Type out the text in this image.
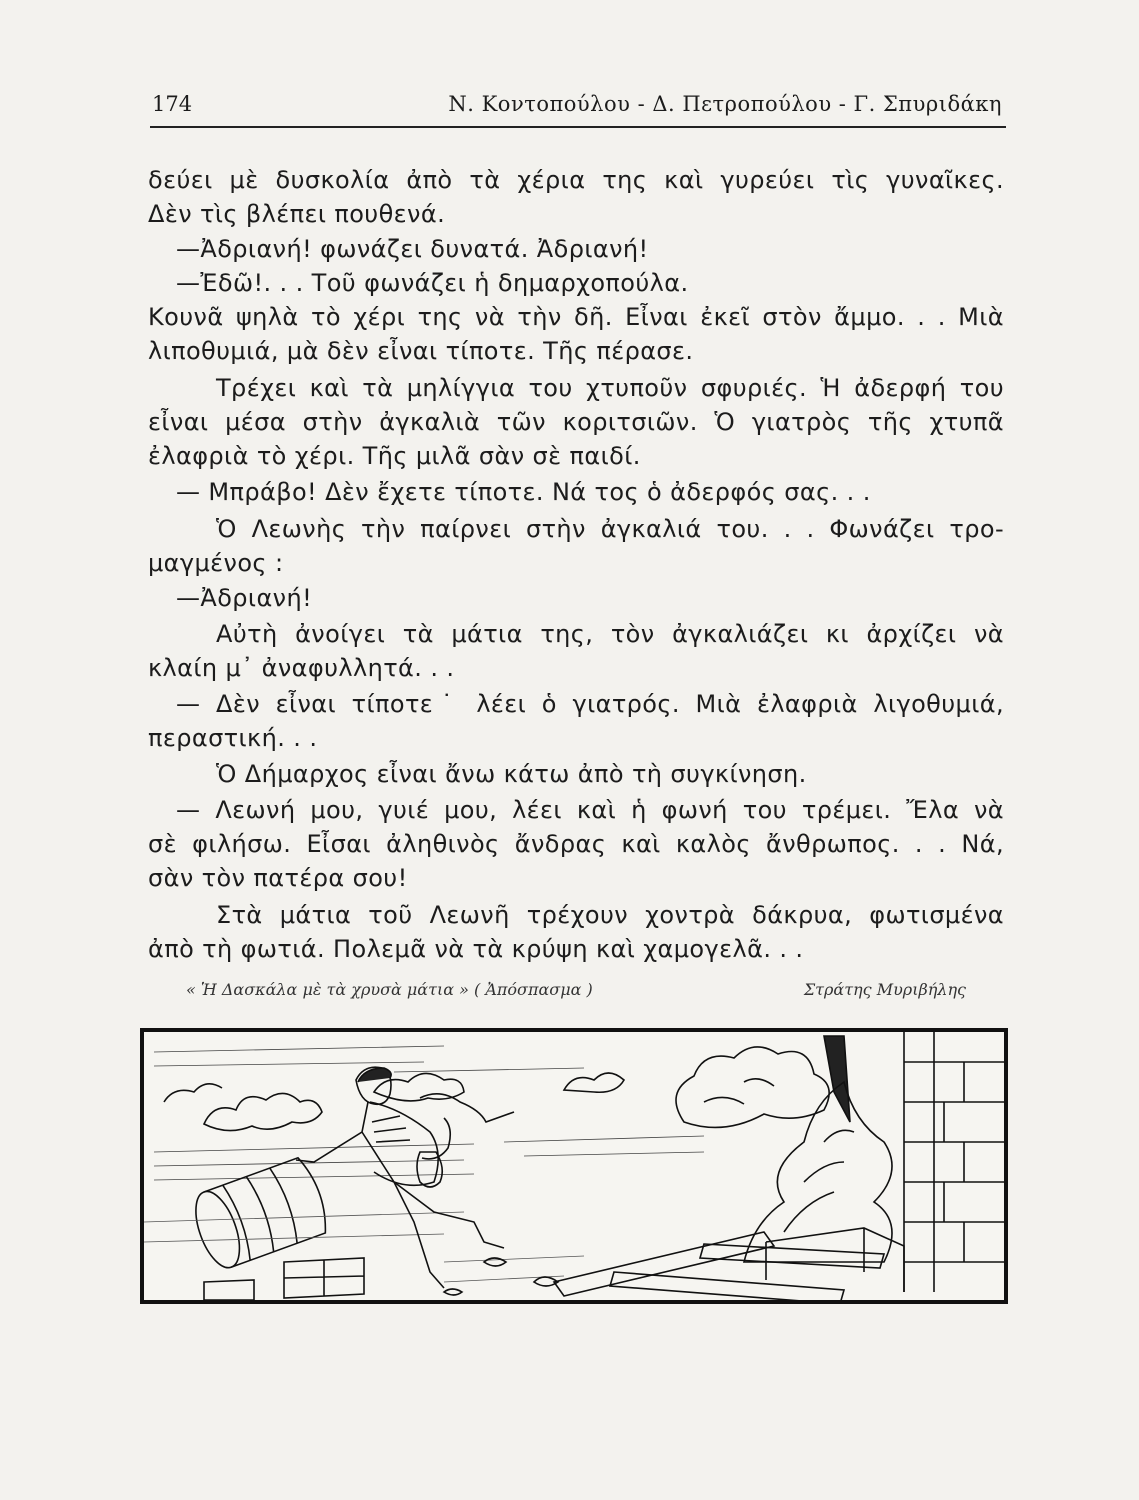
174	Ν. Κοντοπούλου - Δ. Πετροπούλου - Γ. Σπυριδάκη
δεύει μὲ δυσκολία ἀπὸ τὰ χέρια της καὶ γυρεύει τὶς γυναῖκες.
Δὲν τὶς βλέπει πουθενά.
—Ἀδριανή! φωνάζει δυνατά. Ἀδριανή!
—Ἐδῶ!. . . Τοῦ φωνάζει ἡ δημαρχοπούλα.
Κουνᾶ ψηλὰ τὸ χέρι της νὰ τὴν δῆ. Εἶναι ἐκεῖ στὸν ἄμμο. . . Μιὰ
λιποθυμιά, μὰ δὲν εἶναι τίποτε. Τῆς πέρασε.
Τρέχει καὶ τὰ μηλίγγια του χτυποῦν σφυριές. Ἡ ἀδερφή του
εἶναι μέσα στὴν ἀγκαλιὰ τῶν κοριτσιῶν. Ὁ γιατρὸς τῆς χτυπᾶ
ἐλαφριὰ τὸ χέρι. Τῆς μιλᾶ σὰν σὲ παιδί.
— Μπράβο! Δὲν ἔχετε τίποτε. Νά τος ὁ ἀδερφός σας. . .
Ὁ Λεωνὴς τὴν παίρνει στὴν ἀγκαλιά του. . . Φωνάζει τρο-
μαγμένος :
—Ἀδριανή!
Αὐτὴ ἀνοίγει τὰ μάτια της, τὸν ἀγκαλιάζει κι ἀρχίζει νὰ
κλαίη μ᾽ ἀναφυλλητά. . .
— Δὲν εἶναι τίποτε˙ λέει ὁ γιατρός. Μιὰ ἐλαφριὰ λιγοθυμιά,
περαστική. . .
Ὁ Δήμαρχος εἶναι ἄνω κάτω ἀπὸ τὴ συγκίνηση.
— Λεωνή μου, γυιέ μου, λέει καὶ ἡ φωνή του τρέμει. Ἔλα νὰ
σὲ φιλήσω. Εἶσαι ἀληθινὸς ἄνδρας καὶ καλὸς ἄνθρωπος. . . Νά,
σὰν τὸν πατέρα σου!
Στὰ μάτια τοῦ Λεωνῆ τρέχουν χοντρὰ δάκρυα, φωτισμένα
ἀπὸ τὴ φωτιά. Πολεμᾶ νὰ τὰ κρύψη καὶ χαμογελᾶ. . .
« Ἡ Δασκάλα μὲ τὰ χρυσὰ μάτια » ( Ἀπόσπασμα )	Στράτης Μυριβήλης
